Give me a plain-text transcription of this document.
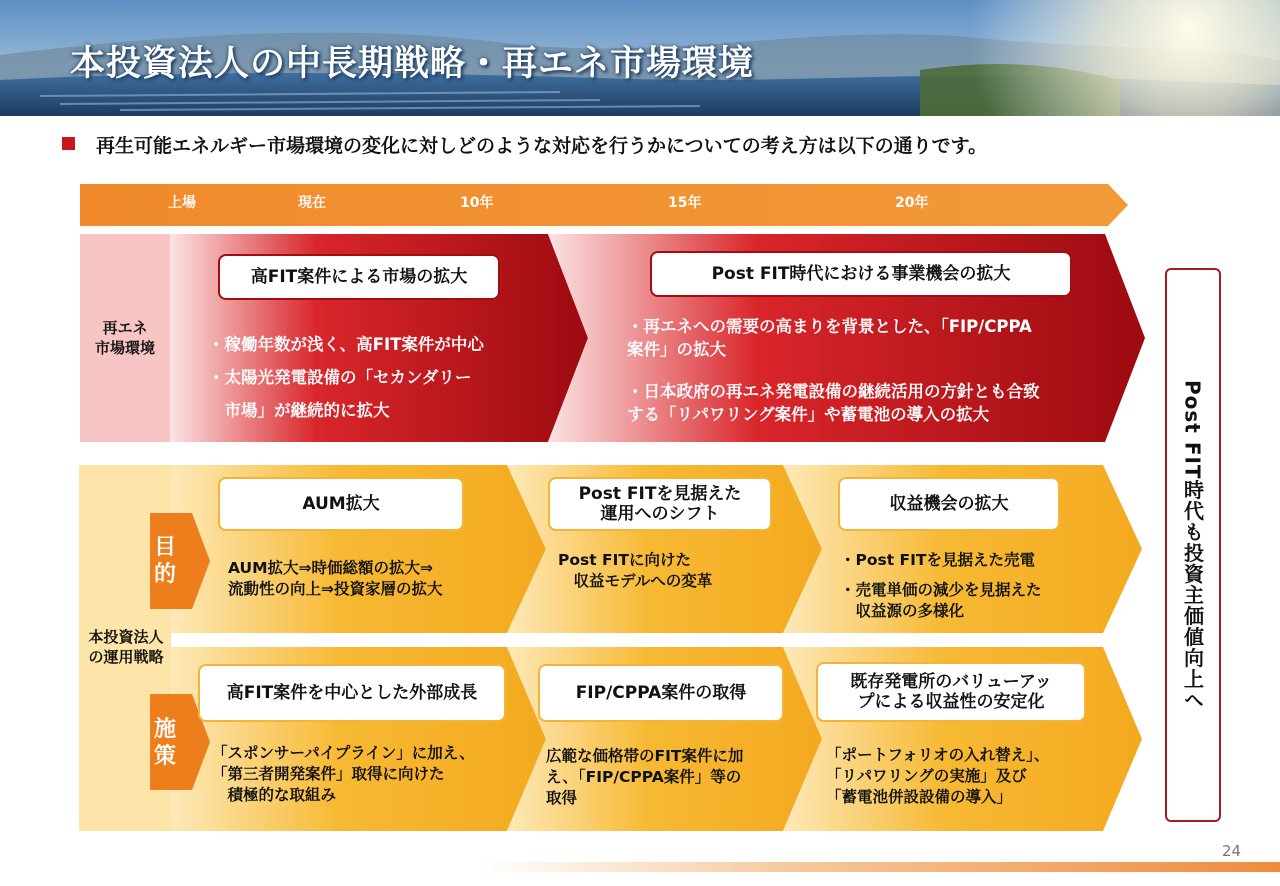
本投資法人の中長期戦略・再エネ市場環境
再生可能エネルギー市場環境の変化に対しどのような対応を行うかについての考え方は以下の通りです。
上場	現在	10年	15年	20年
再エネ
市場環境
本投資法人
の運用戦略
高FIT案件による市場の拡大	Post FIT時代における事業機会の拡大
・稼働年数が浅く、高FIT案件が中心
・太陽光発電設備の「セカンダリー
　市場」が継続的に拡大
・再エネへの需要の高まりを背景とした、「FIP/CPPA
案件」の拡大
・日本政府の再エネ発電設備の継続活用の方針とも合致
する「リパワリング案件」や蓄電池の導入の拡大
目
的
施
策
AUM拡大	Post FITを見据えた
運用へのシフト	収益機会の拡大
AUM拡大⇒時価総額の拡大⇒
流動性の向上⇒投資家層の拡大
Post FITに向けた
　収益モデルへの変革
・Post FITを見据えた売電
・売電単価の減少を見据えた
　収益源の多様化
高FIT案件を中心とした外部成長	FIP/CPPA案件の取得
既存発電所のバリューアッ
プによる収益性の安定化
「スポンサーパイプライン」に加え、
「第三者開発案件」取得に向けた
　積極的な取組み
広範な価格帯のFIT案件に加
え、「FIP/CPPA案件」等の
取得
「ポートフォリオの入れ替え」、
「リパワリングの実施」及び
「蓄電池併設設備の導入」
Post FIT時代も投資主価値向上へ
24
